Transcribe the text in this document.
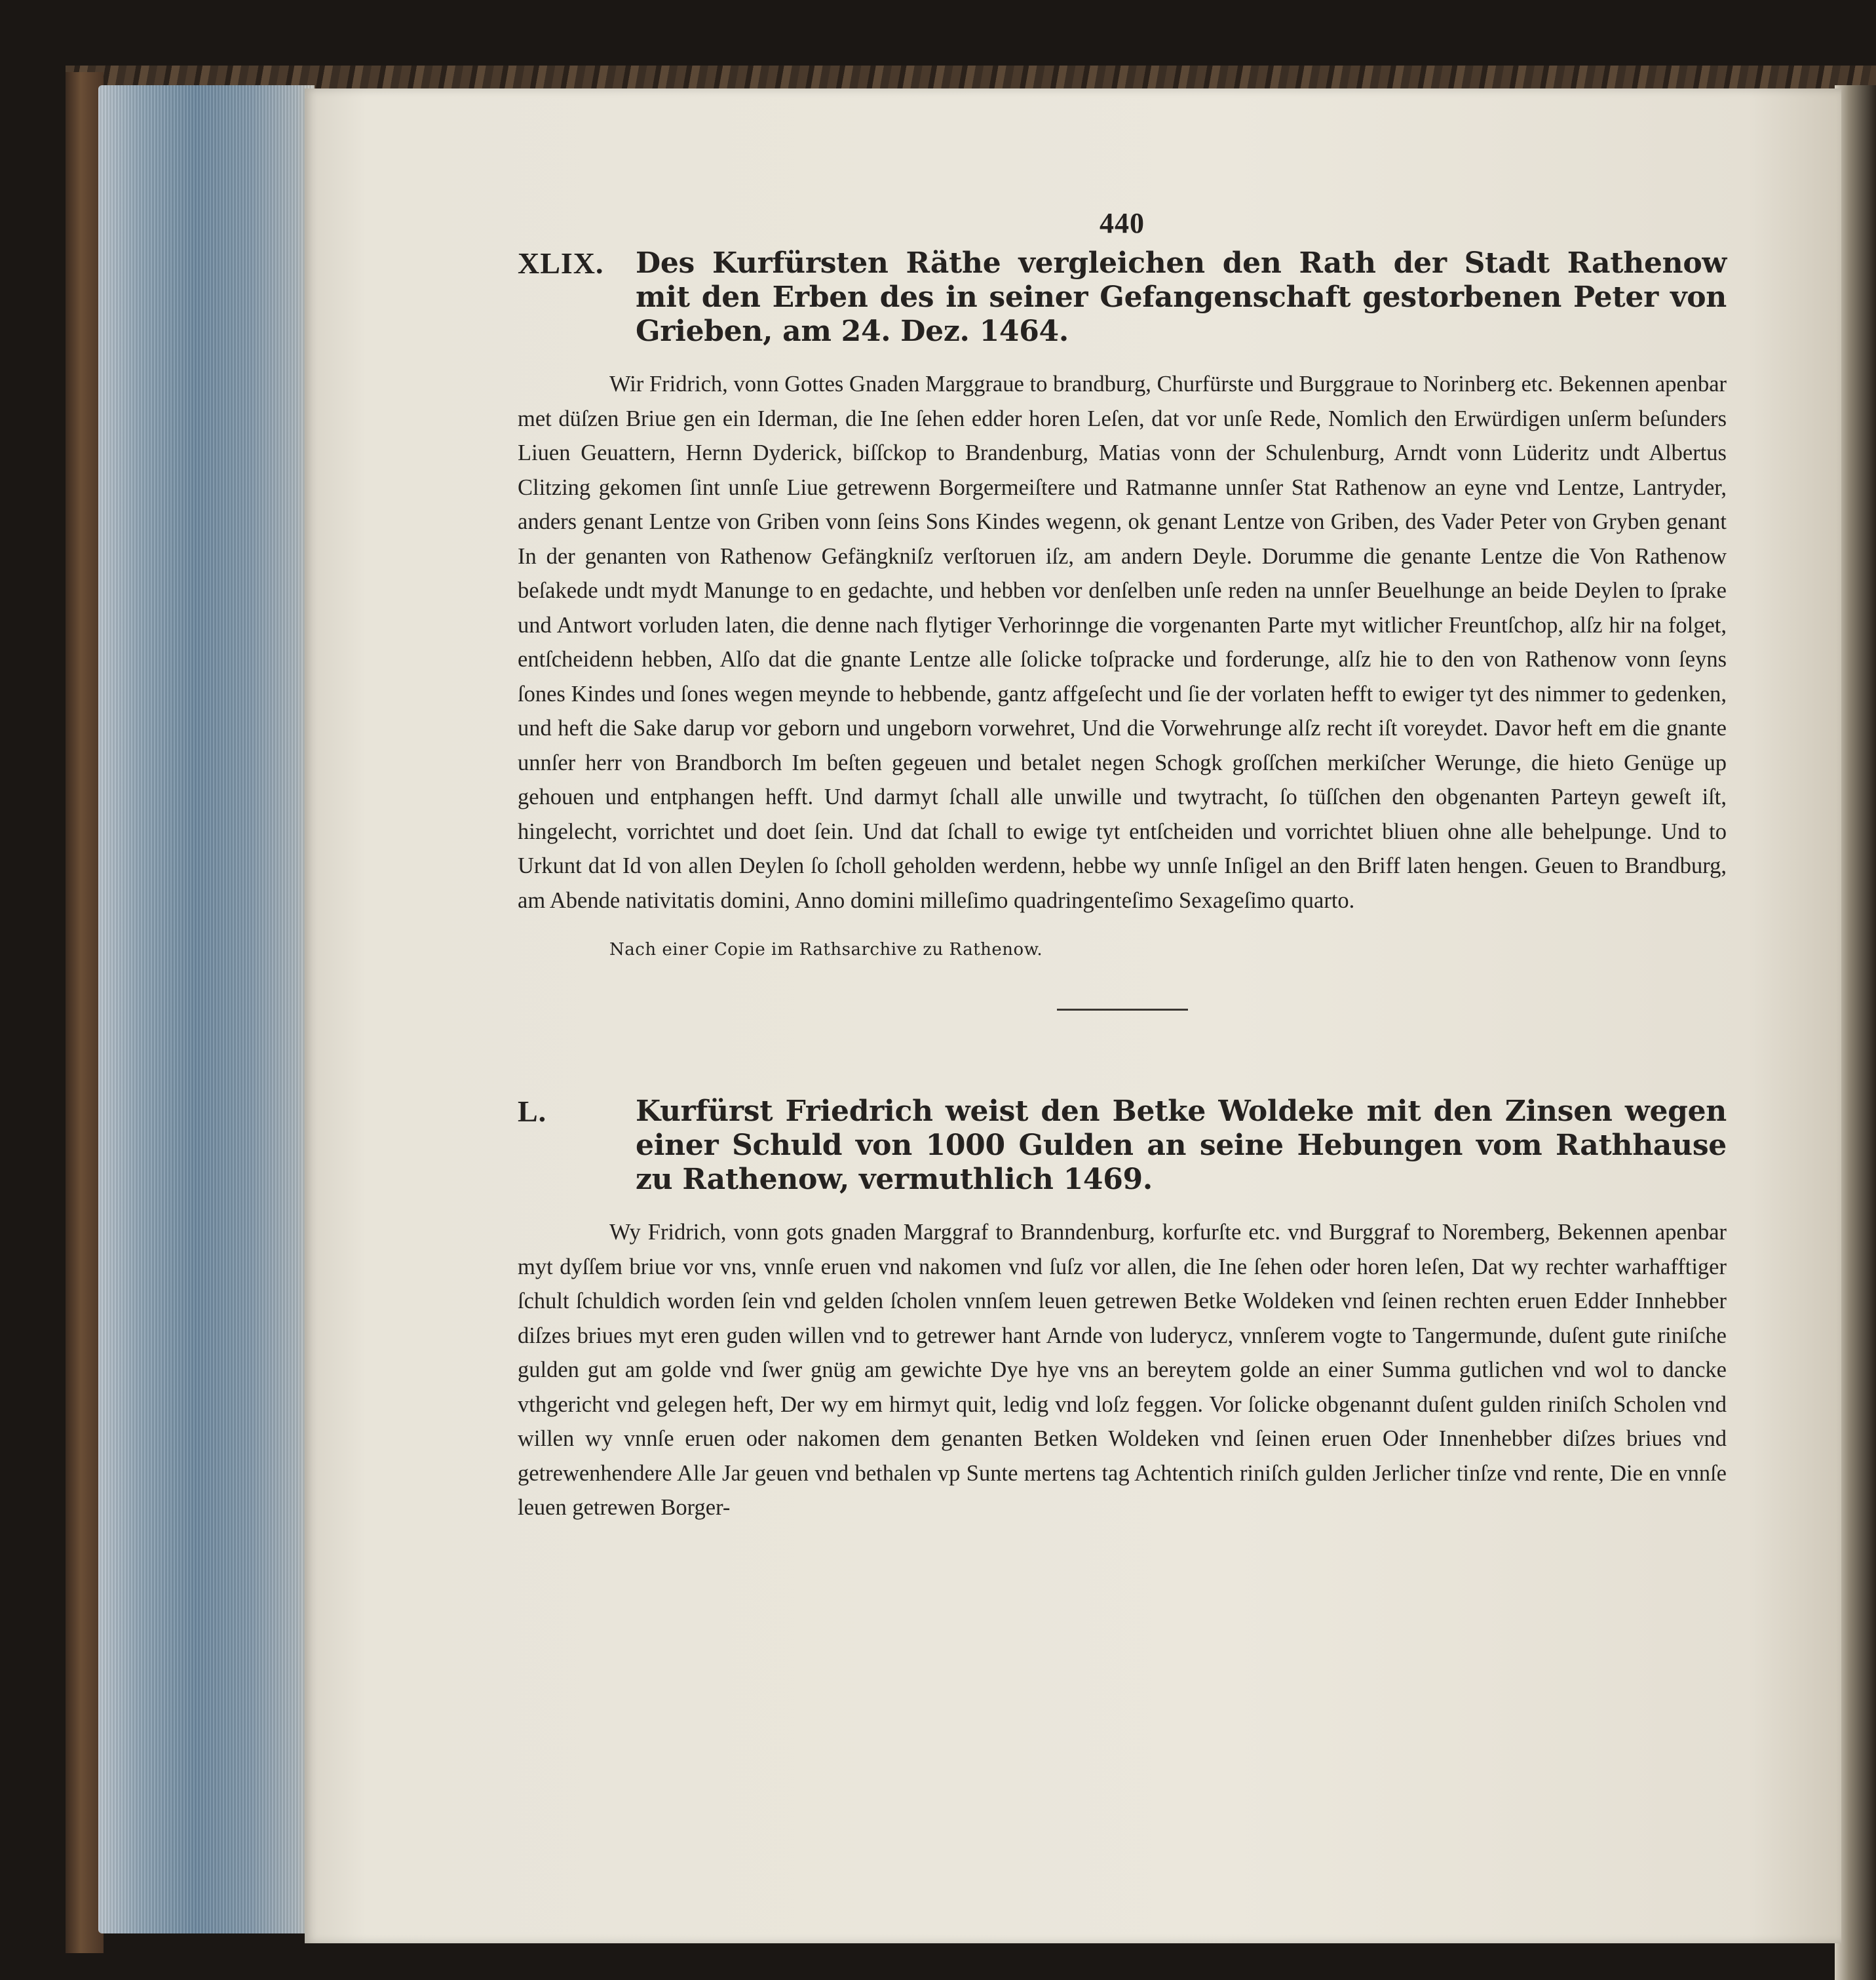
440
XLIX.	Des Kurfürsten Räthe vergleichen den Rath der Stadt Rathenow mit den Erben des in seiner Gefangenschaft gestorbenen Peter von Grieben, am 24. Dez. 1464.

Wir Fridrich, vonn Gottes Gnaden Marggraue to brandburg, Churfürste und Burggraue to Norinberg etc. Bekennen apenbar met düſzen Briue gen ein Iderman, die Ine ſehen edder horen Leſen, dat vor unſe Rede, Nomlich den Erwürdigen unſerm beſunders Liuen Geuattern, Hernn Dyderick, biſſckop to Brandenburg, Matias vonn der Schulenburg, Arndt vonn Lüderitz undt Albertus Clitzing gekomen ſint unnſe Liue getrewenn Borgermeiſtere und Ratmanne unnſer Stat Rathenow an eyne vnd Lentze, Lantryder, anders genant Lentze von Griben vonn ſeins Sons Kindes wegenn, ok genant Lentze von Griben, des Vader Peter von Gryben genant In der genanten von Rathenow Gefängkniſz verſtoruen iſz, am andern Deyle. Dorumme die genante Lentze die Von Rathenow beſakede undt mydt Manunge to en gedachte, und hebben vor denſelben unſe reden na unnſer Beuelhunge an beide Deylen to ſprake und Antwort vorluden laten, die denne nach flytiger Verhorinnge die vorgenanten Parte myt witlicher Freuntſchop, alſz hir na folget, entſcheidenn hebben, Alſo dat die gnante Lentze alle ſolicke toſpracke und forderunge, alſz hie to den von Rathenow vonn ſeyns ſones Kindes und ſones wegen meynde to hebbende, gantz affgeſecht und ſie der vorlaten hefft to ewiger tyt des nimmer to gedenken, und heft die Sake darup vor geborn und ungeborn vorwehret, Und die Vorwehrunge alſz recht iſt voreydet. Davor heft em die gnante unnſer herr von Brandborch Im beſten gegeuen und betalet negen Schogk groſſchen merkiſcher Werunge, die hieto Genüge up gehouen und entphangen hefft. Und darmyt ſchall alle unwille und twytracht, ſo tüſſchen den obgenanten Parteyn geweſt iſt, hingelecht, vorrichtet und doet ſein. Und dat ſchall to ewige tyt entſcheiden und vorrichtet bliuen ohne alle behelpunge. Und to Urkunt dat Id von allen Deylen ſo ſcholl geholden werdenn, hebbe wy unnſe Inſigel an den Briff laten hengen. Geuen to Brandburg, am Abende nativitatis domini, Anno domini milleſimo quadringenteſimo Sexageſimo quarto.

Nach einer Copie im Rathsarchive zu Rathenow.
L.	Kurfürst Friedrich weist den Betke Woldeke mit den Zinsen wegen einer Schuld von 1000 Gulden an seine Hebungen vom Rathhause zu Rathenow, vermuthlich 1469.

Wy Fridrich, vonn gots gnaden Marggraf to Branndenburg, korfurſte etc. vnd Burggraf to Noremberg, Bekennen apenbar myt dyſſem briue vor vns, vnnſe eruen vnd nakomen vnd ſuſz vor allen, die Ine ſehen oder horen leſen, Dat wy rechter warhafftiger ſchult ſchuldich worden ſein vnd gelden ſcholen vnnſem leuen getrewen Betke Woldeken vnd ſeinen rechten eruen Edder Innhebber diſzes briues myt eren guden willen vnd to getrewer hant Arnde von luderycz, vnnſerem vogte to Tangermunde, duſent gute riniſche gulden gut am golde vnd ſwer gnüg am gewichte Dye hye vns an bereytem golde an einer Summa gutlichen vnd wol to dancke vthgericht vnd gelegen heft, Der wy em hirmyt quit, ledig vnd loſz feggen. Vor ſolicke obgenannt duſent gulden riniſch Scholen vnd willen wy vnnſe eruen oder nakomen dem genanten Betken Woldeken vnd ſeinen eruen Oder Innenhebber diſzes briues vnd getrewenhendere Alle Jar geuen vnd bethalen vp Sunte mertens tag Achtentich riniſch gulden Jerlicher tinſze vnd rente, Die en vnnſe leuen getrewen Borger-
